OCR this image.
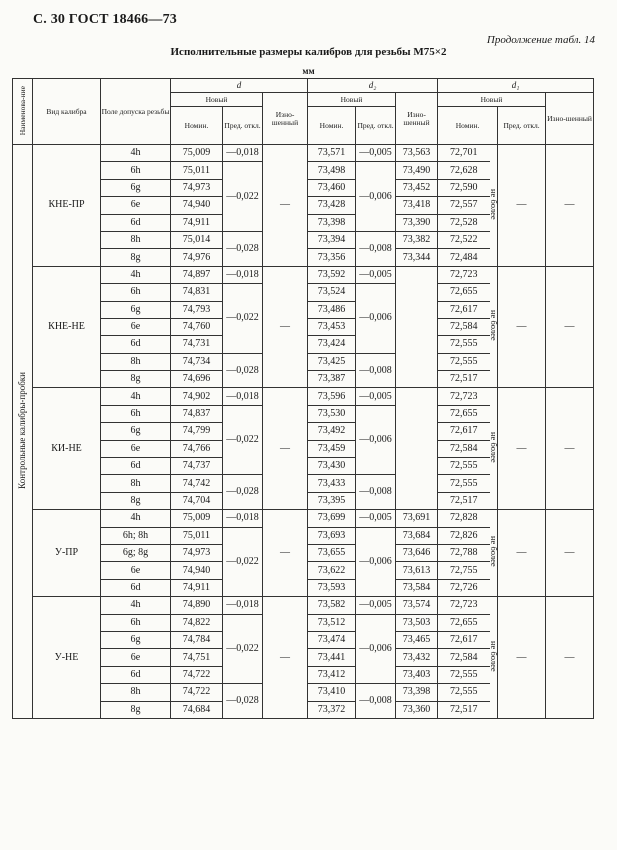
С. 30 ГОСТ 18466—73
Продолжение табл. 14
Исполнительные размеры калибров для резьбы М75×2
мм
Наименова-ние	Вид калибра	Поле допуска резьбы	d			d₂			d₁			
			Новый		Изно-шенный	Новый		Изно-шенный	Новый			Изно-шенный
			Номин.	Пред. откл.		Номин.	Пред. откл.		Номин.		Пред. откл.	
Контрольные калибры-пробки	КНЕ-ПР	4h	75,009	—0,018	—	73,571	—0,005	73,563	72,701	не более	—	—
		6h	75,011	—0,022		73,498	—0,006	73,490	72,628			
		6g	74,973			73,460		73,452	72,590			
		6e	74,940			73,428		73,418	72,557			
		6d	74,911			73,398		73,390	72,528			
		8h	75,014	—0,028		73,394	—0,008	73,382	72,522			
		8g	74,976			73,356		73,344	72,484			
	КНЕ-НЕ	4h	74,897	—0,018	—	73,592	—0,005		72,723	не более	—	—
		6h	74,831	—0,022		73,524	—0,006		72,655			
		6g	74,793			73,486			72,617			
		6e	74,760			73,453			72,584			
		6d	74,731			73,424			72,555			
		8h	74,734	—0,028		73,425	—0,008		72,555			
		8g	74,696			73,387			72,517			
	КИ-НЕ	4h	74,902	—0,018	—	73,596	—0,005		72,723	не более	—	—
		6h	74,837	—0,022		73,530	—0,006		72,655			
		6g	74,799			73,492			72,617			
		6e	74,766			73,459			72,584			
		6d	74,737			73,430			72,555			
		8h	74,742	—0,028		73,433	—0,008		72,555			
		8g	74,704			73,395			72,517			
	У-ПР	4h	75,009	—0,018	—	73,699	—0,005	73,691	72,828	не более	—	—
		6h; 8h	75,011	—0,022		73,693	—0,006	73,684	72,826			
		6g; 8g	74,973			73,655		73,646	72,788			
		6e	74,940			73,622		73,613	72,755			
		6d	74,911			73,593		73,584	72,726			
	У-НЕ	4h	74,890	—0,018	—	73,582	—0,005	73,574	72,723	не более	—	—
		6h	74,822	—0,022		73,512	—0,006	73,503	72,655			
		6g	74,784			73,474		73,465	72,617			
		6e	74,751			73,441		73,432	72,584			
		6d	74,722			73,412		73,403	72,555			
		8h	74,722	—0,028		73,410	—0,008	73,398	72,555			
		8g	74,684			73,372		73,360	72,517			
